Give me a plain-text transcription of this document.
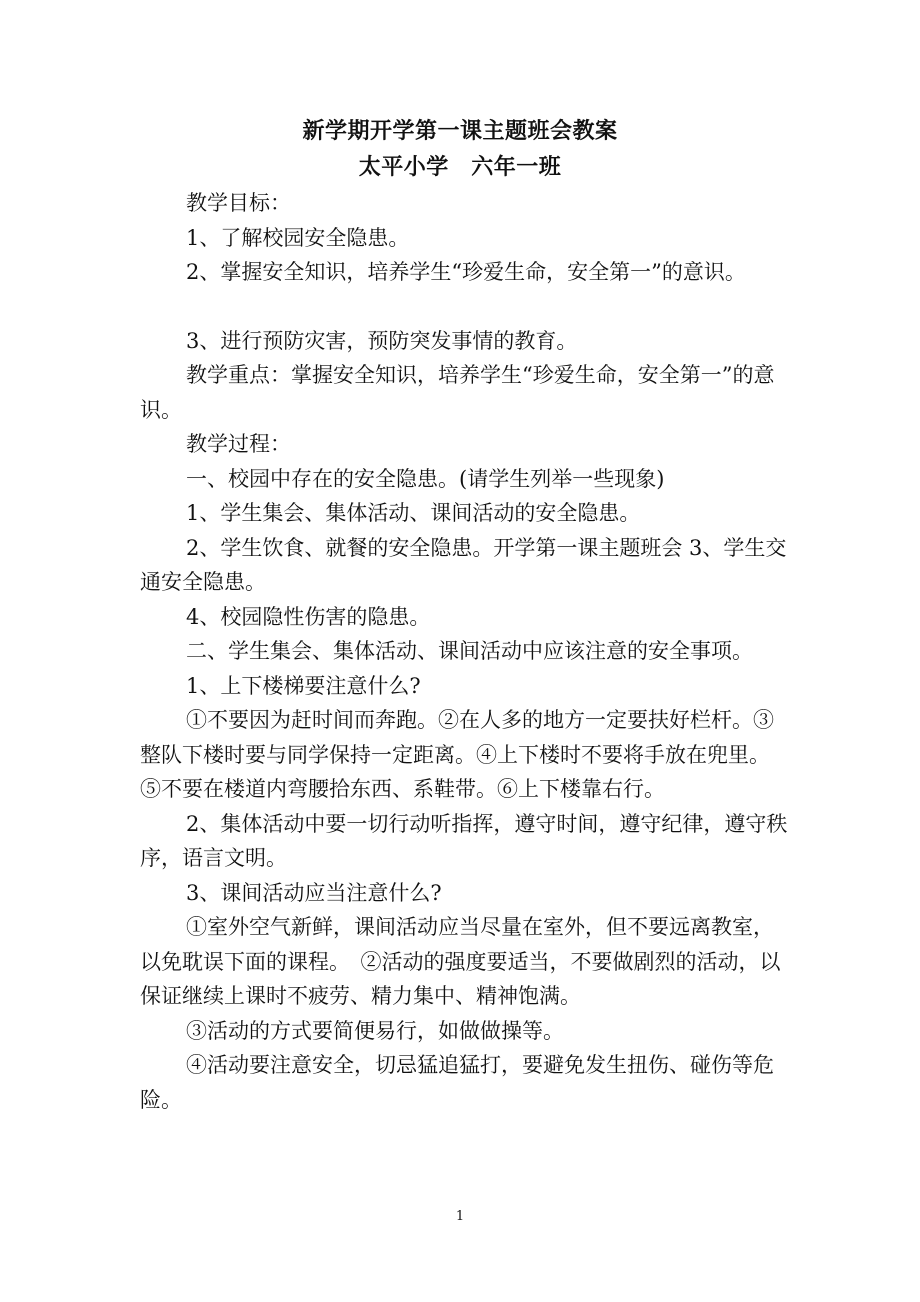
新学期开学第一课主题班会教案
太平小学　六年一班

教学目标：

1、了解校园安全隐患。

2、掌握安全知识，培养学生“珍爱生命，安全第一”的意识。

3、进行预防灾害，预防突发事情的教育。

教学重点：掌握安全知识，培养学生“珍爱生命，安全第一”的意识。

教学过程：

一、校园中存在的安全隐患。(请学生列举一些现象)

1、学生集会、集体活动、课间活动的安全隐患。

2、学生饮食、就餐的安全隐患。开学第一课主题班会 3、学生交通安全隐患。

4、校园隐性伤害的隐患。

二、学生集会、集体活动、课间活动中应该注意的安全事项。

1、上下楼梯要注意什么?

①不要因为赶时间而奔跑。②在人多的地方一定要扶好栏杆。③整队下楼时要与同学保持一定距离。④上下楼时不要将手放在兜里。⑤不要在楼道内弯腰拾东西、系鞋带。⑥上下楼靠右行。

2、集体活动中要一切行动听指挥，遵守时间，遵守纪律，遵守秩序，语言文明。

3、课间活动应当注意什么?

①室外空气新鲜，课间活动应当尽量在室外，但不要远离教室，以免耽误下面的课程。　②活动的强度要适当，不要做剧烈的活动，以保证继续上课时不疲劳、精力集中、精神饱满。

③活动的方式要简便易行，如做做操等。

④活动要注意安全，切忌猛追猛打，要避免发生扭伤、碰伤等危险。

1
